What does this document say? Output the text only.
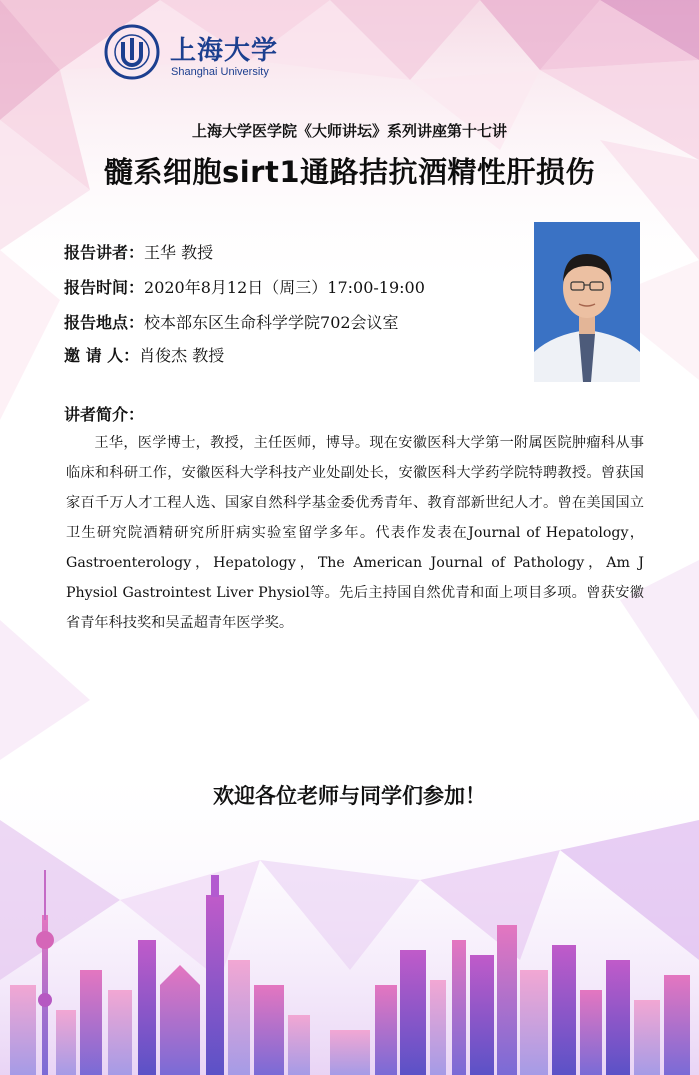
上海大学
Shanghai University
上海大学医学院《大师讲坛》系列讲座第十七讲
髓系细胞sirt1通路拮抗酒精性肝损伤
报告讲者：王华 教授
报告时间：2020年8月12日（周三）17:00-19:00
报告地点：校本部东区生命科学学院702会议室
邀 请 人：肖俊杰 教授
讲者简介：
王华，医学博士，教授，主任医师，博导。现在安徽医科大学第一附属医院肿瘤科从事临床和科研工作，安徽医科大学科技产业处副处长，安徽医科大学药学院特聘教授。曾获国家百千万人才工程人选、国家自然科学基金委优秀青年、教育部新世纪人才。曾在美国国立卫生研究院酒精研究所肝病实验室留学多年。代表作发表在Journal of Hepatology，Gastroenterology，Hepatology，The American Journal of Pathology，Am J Physiol Gastrointest Liver Physiol等。先后主持国自然优青和面上项目多项。曾获安徽省青年科技奖和吴孟超青年医学奖。
欢迎各位老师与同学们参加！
